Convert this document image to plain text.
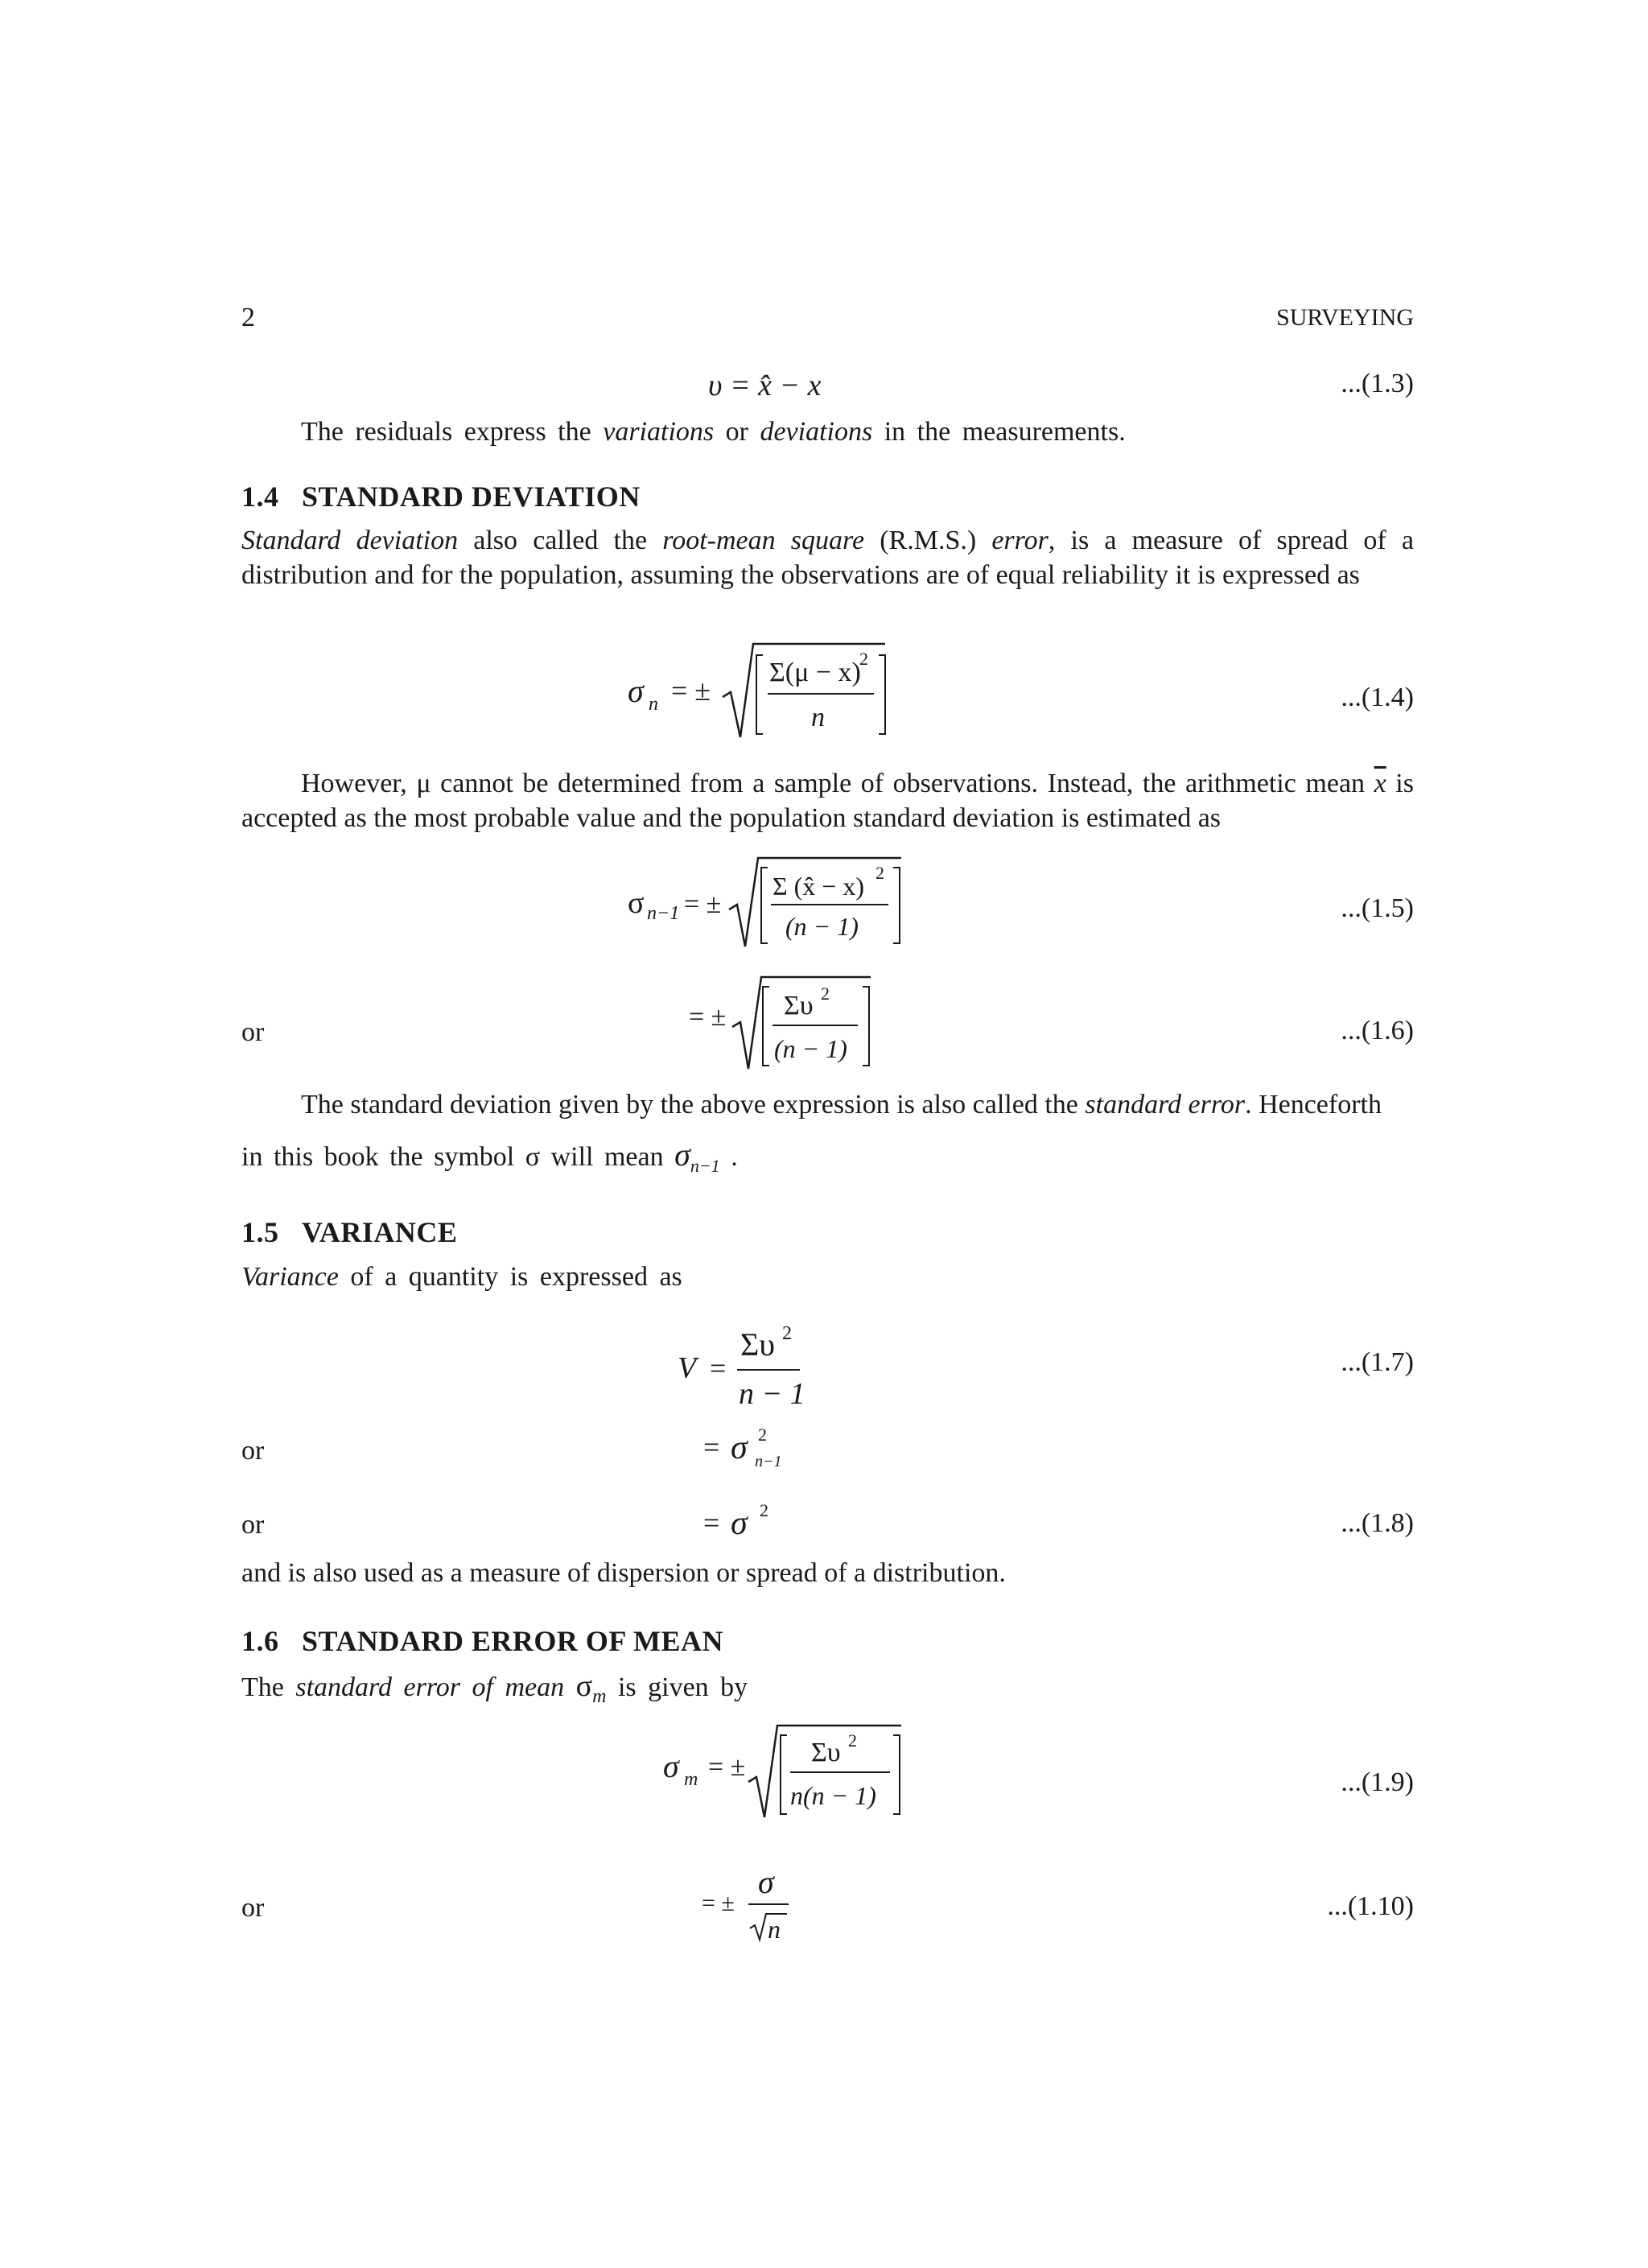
2	SURVEYING
υ = x̂ − x	...(1.3)
The residuals express the variations or deviations in the measurements.
1.4 STANDARD DEVIATION
Standard deviation also called the root-mean square (R.M.S.) error, is a measure of spread of a distribution and for the population, assuming the observations are of equal reliability it is expressed as
σ n = ±
Σ(μ − x)
2
n
...(1.4)
However, μ cannot be determined from a sample of observations. Instead, the arithmetic mean $\overline{x}$ is accepted as the most probable value and the population standard deviation is estimated as
σ n−1 = ±
Σ (x̂ − x) 2
(n − 1)
...(1.5)
or
= ± Συ 2
(n − 1)
...(1.6)
The standard deviation given by the above expression is also called the standard error. Henceforth
in this book the symbol σ will mean $\sigma_{n-1}$ .
1.5 VARIANCE
Variance of a quantity is expressed as
V =
Συ 2
n − 1
...(1.7)
or	= σ 2
n−1
or	= σ 2	...(1.8)
and is also used as a measure of dispersion or spread of a distribution.
1.6 STANDARD ERROR OF MEAN
The standard error of mean $\sigma_m$ is given by
σ m = ± Συ 2
n(n − 1)	...(1.9)
or	= ±
σ
n
...(1.10)
